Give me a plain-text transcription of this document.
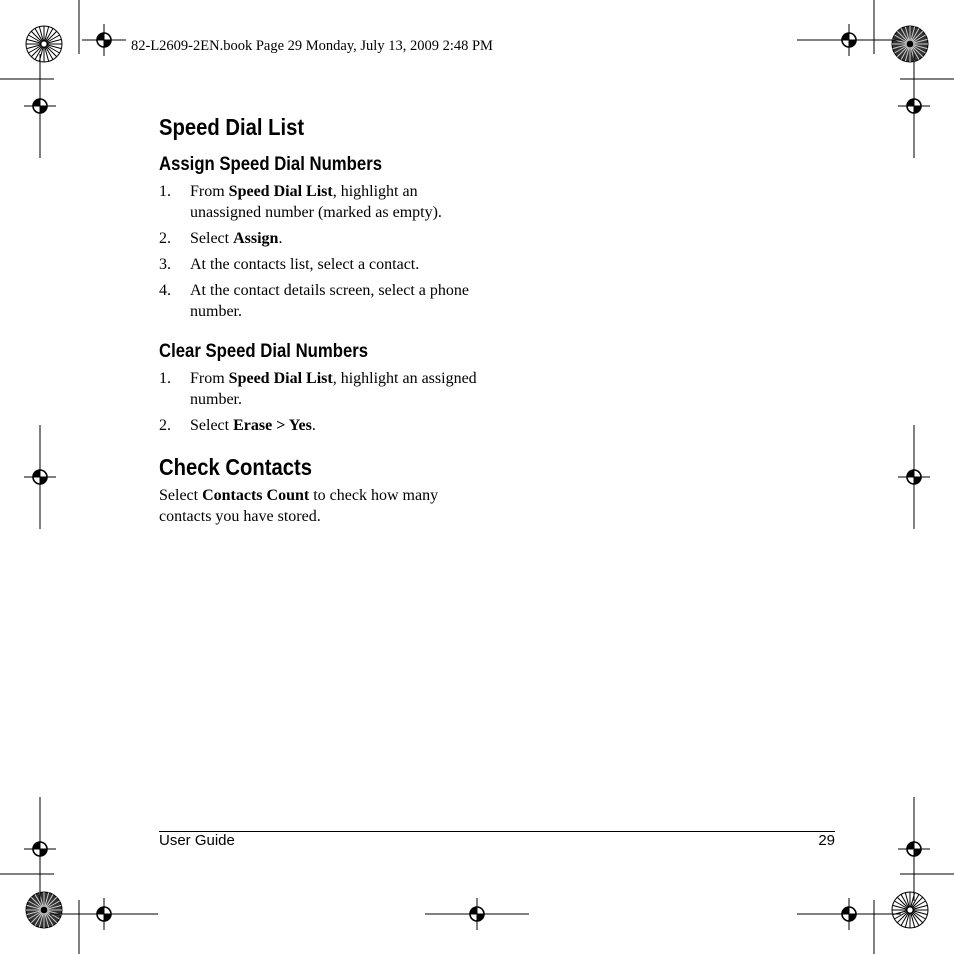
82-L2609-2EN.book Page 29 Monday, July 13, 2009 2:48 PM
Speed Dial List
Assign Speed Dial Numbers
1. From Speed Dial List, highlight an unassigned number (marked as empty).
2. Select Assign.
3. At the contacts list, select a contact.
4. At the contact details screen, select a phone number.
Clear Speed Dial Numbers
1. From Speed Dial List, highlight an assigned number.
2. Select Erase > Yes.
Check Contacts

Select Contacts Count to check how many contacts you have stored.

User Guide	29
